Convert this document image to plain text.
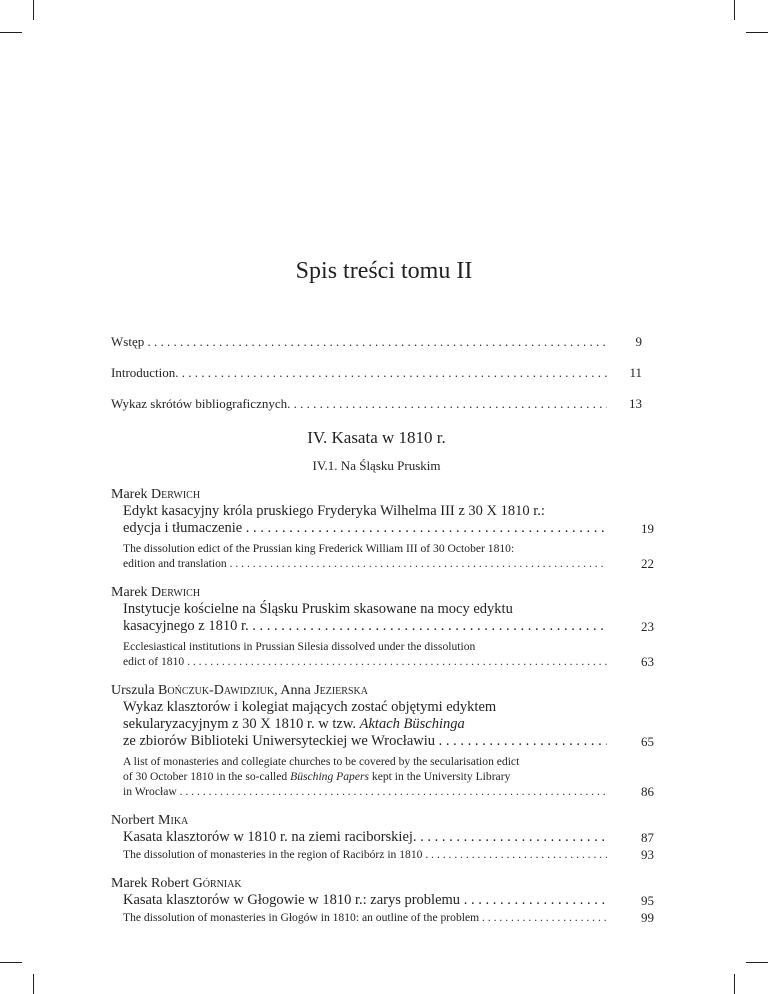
Spis treści tomu II
Wstęp . . .	9
Introduction . . .	11
Wykaz skrótów bibliograficznych . . .	13
IV. Kasata w 1810 r.
IV.1. Na Śląsku Pruskim
Marek Derwich
Edykt kasacyjny króla pruskiego Fryderyka Wilhelma III z 30 X 1810 r.:
edycja i tłumaczenie . . .	19
The dissolution edict of the Prussian king Frederick William III of 30 October 1810:
edition and translation . . .	22
Marek Derwich
Instytucje kościelne na Śląsku Pruskim skasowane na mocy edyktu
kasacyjnego z 1810 r. . . .	23
Ecclesiastical institutions in Prussian Silesia dissolved under the dissolution
edict of 1810 . . .	63
Urszula Bończuk-Dawidziuk, Anna Jezierska
Wykaz klasztorów i kolegiat mających zostać objętymi edyktem
sekularyzacyjnym z 30 X 1810 r. w tzw. Aktach Büschinga
ze zbiorów Biblioteki Uniwersyteckiej we Wrocławiu . . .	65
A list of monasteries and collegiate churches to be covered by the secularisation edict
of 30 October 1810 in the so-called Büsching Papers kept in the University Library
in Wrocław . . .	86
Norbert Mika
Kasata klasztorów w 1810 r. na ziemi raciborskiej. . . .	87
The dissolution of monasteries in the region of Racibórz in 1810 . . .	93
Marek Robert Górniak
Kasata klasztorów w Głogowie w 1810 r.: zarys problemu . . .	95
The dissolution of monasteries in Głogów in 1810: an outline of the problem . . .	99
